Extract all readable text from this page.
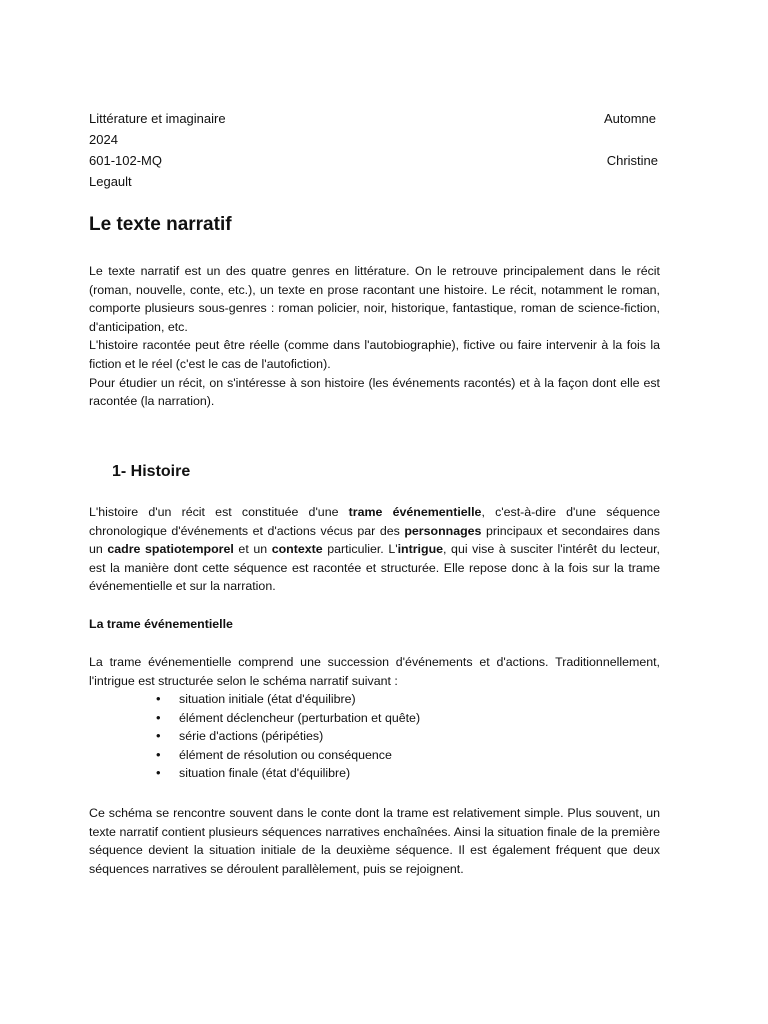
Littérature et imaginaire	Automne
2024
601-102-MQ	Christine
Legault
Le texte narratif
Le texte narratif est un des quatre genres en littérature. On le retrouve principalement dans le récit (roman, nouvelle, conte, etc.), un texte en prose racontant une histoire. Le récit, notamment le roman, comporte plusieurs sous-genres : roman policier, noir, historique, fantastique, roman de science-fiction, d'anticipation, etc.
L'histoire racontée peut être réelle (comme dans l'autobiographie), fictive ou faire intervenir à la fois la fiction et le réel (c'est le cas de l'autofiction).
Pour étudier un récit, on s'intéresse à son histoire (les événements racontés) et à la façon dont elle est racontée (la narration).
1- Histoire

L'histoire d'un récit est constituée d'une trame événementielle, c'est-à-dire d'une séquence chronologique d'événements et d'actions vécus par des personnages principaux et secondaires dans un cadre spatiotemporel et un contexte particulier. L'intrigue, qui vise à susciter l'intérêt du lecteur, est la manière dont cette séquence est racontée et structurée. Elle repose donc à la fois sur la trame événementielle et sur la narration.

La trame événementielle

La trame événementielle comprend une succession d'événements et d'actions. Traditionnellement, l'intrigue est structurée selon le schéma narratif suivant :

• situation initiale (état d'équilibre)
• élément déclencheur (perturbation et quête)
• série d'actions (péripéties)
• élément de résolution ou conséquence
• situation finale (état d'équilibre)

Ce schéma se rencontre souvent dans le conte dont la trame est relativement simple. Plus souvent, un texte narratif contient plusieurs séquences narratives enchaînées. Ainsi la situation finale de la première séquence devient la situation initiale de la deuxième séquence. Il est également fréquent que deux séquences narratives se déroulent parallèlement, puis se rejoignent.
